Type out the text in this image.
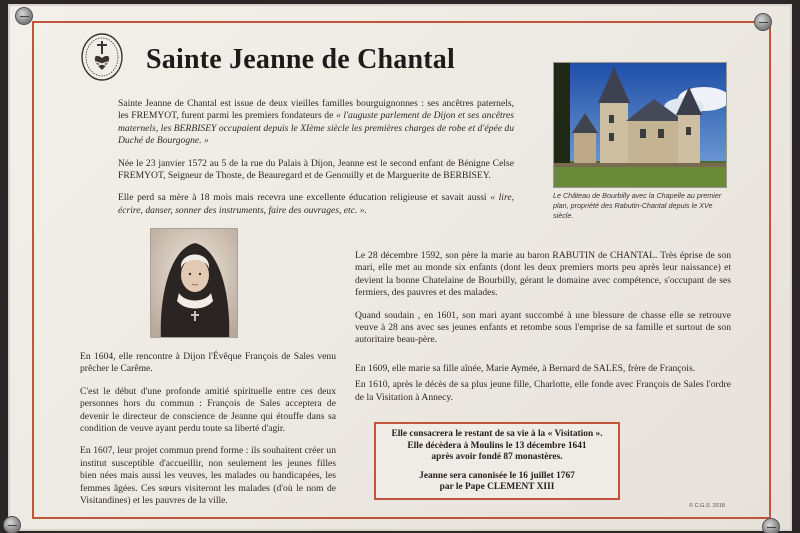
Sainte Jeanne de Chantal

Sainte Jeanne de Chantal est issue de deux vieilles familles bourguignonnes : ses ancêtres paternels, les FREMYOT, furent parmi les premiers fondateurs de « l'auguste parlement de Dijon et ses ancêtres maternels, les BERBISEY occupaient depuis le XIème siècle les premières charges de robe et d'épée du Duché de Bourgogne. »

Née le 23 janvier 1572 au 5 de la rue du Palais à Dijon, Jeanne est le second enfant de Bénigne Celse FREMYOT, Seigneur de Thoste, de Beauregard et de Genouilly et de Marguerite de BERBISEY.

Elle perd sa mère à 18 mois mais recevra une excellente éducation religieuse et savait aussi « lire, écrire, danser, sonner des instruments, faire des ouvrages, etc. ».

Le Château de Bourbilly avec la Chapelle au premier plan, propriété des Rabutin-Chantal depuis le XVe siècle.

Le 28 décembre 1592, son père la marie au baron RABUTIN de CHANTAL. Très éprise de son mari, elle met au monde six enfants (dont les deux premiers morts peu après leur naissance) et devient la bonne Chatelaine de Bourbilly, gérant le domaine avec compétence, s'occupant de ses fermiers, des pauvres et des malades.

Quand soudain , en 1601, son mari ayant succombé à une blessure de chasse elle se retrouve veuve à 28 ans avec ses jeunes enfants et retombe sous l'emprise de sa famille et surtout de son autoritaire beau-père.

En 1609, elle marie sa fille aînée, Marie Aymée, à Bernard de SALES, frère de François.

En 1610, après le décès de sa plus jeune fille, Charlotte, elle fonde avec François de Sales l'ordre de la Visitation à Annecy.

En 1604, elle rencontre à Dijon l'Évêque François de Sales venu prêcher le Carême.

C'est le début d'une profonde amitié spirituelle entre ces deux personnes hors du commun : François de Sales acceptera de devenir le directeur de conscience de Jeanne qui étouffe dans sa condition de veuve ayant perdu toute sa liberté d'agir.

En 1607, leur projet commun prend forme : ils souhaitent créer un institut susceptible d'accueillir, non seulement les jeunes filles bien nées mais aussi les veuves, les malades ou handicapées, les femmes âgées. Ces sœurs visiteront les malades (d'où le nom de Visitandines) et les pauvres de la ville.

Elle consacrera le restant de sa vie à la « Visitation ».
Elle décèdera à Moulins le 13 décembre 1641
après avoir fondé 87 monastères.
Jeanne sera canonisée le 16 juillet 1767
par le Pape CLEMENT XIII
© C.G.S. 2018
